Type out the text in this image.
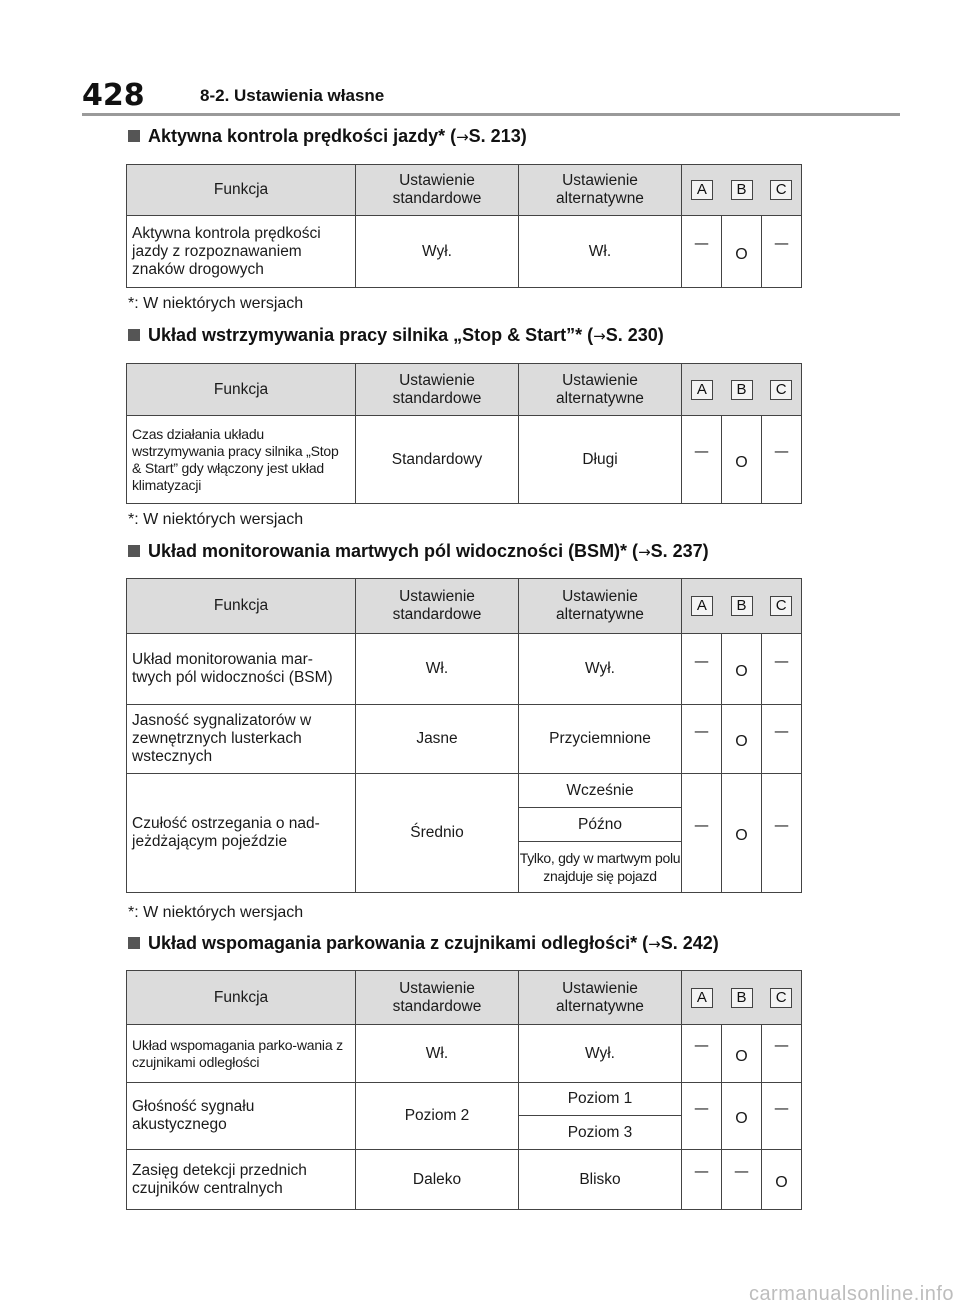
428	8-2. Ustawienia własne
Aktywna kontrola prędkości jazdy* (→S. 213)
Funkcja	Ustawienie standardowe	Ustawienie alternatywne	A B C		

Aktywna kontrola prędkości jazdy z rozpoznawaniem znaków drogowych	Wył.	Wł.	—	O	—
*: W niektórych wersjach
Układ wstrzymywania pracy silnika „Stop & Start”* (→S. 230)
Funkcja	Ustawienie standardowe	Ustawienie alternatywne	A B C		

Czas działania układu wstrzymywania pracy silnika „Stop & Start” gdy włączony jest układ klimatyzacji	Standardowy	Długi	—	O	—
*: W niektórych wersjach
Układ monitorowania martwych pól widoczności (BSM)* (→S. 237)
Funkcja	Ustawienie standardowe	Ustawienie alternatywne	A B C		

Układ monitorowania mar-twych pól widoczności (BSM)	Wł.	Wył.	—	O	—
Jasność sygnalizatorów w zewnętrznych lusterkach wstecznych	Jasne	Przyciemnione	—	O	—
Czułość ostrzegania o nad-jeżdżającym pojeździe	Średnio	Wcześnie	—	O	—
		Późno			
		Tylko, gdy w martwym polu znajduje się pojazd			
*: W niektórych wersjach
Układ wspomagania parkowania z czujnikami odległości* (→S. 242)
Funkcja	Ustawienie standardowe	Ustawienie alternatywne	A B C		

Układ wspomagania parko-wania z czujnikami odległości	Wł.	Wył.	—	O	—
Głośność sygnału akustycznego	Poziom 2	Poziom 1	—	O	—
		Poziom 3			
Zasięg detekcji przednich czujników centralnych	Daleko	Blisko	—	—	O
carmanualsonline.info
